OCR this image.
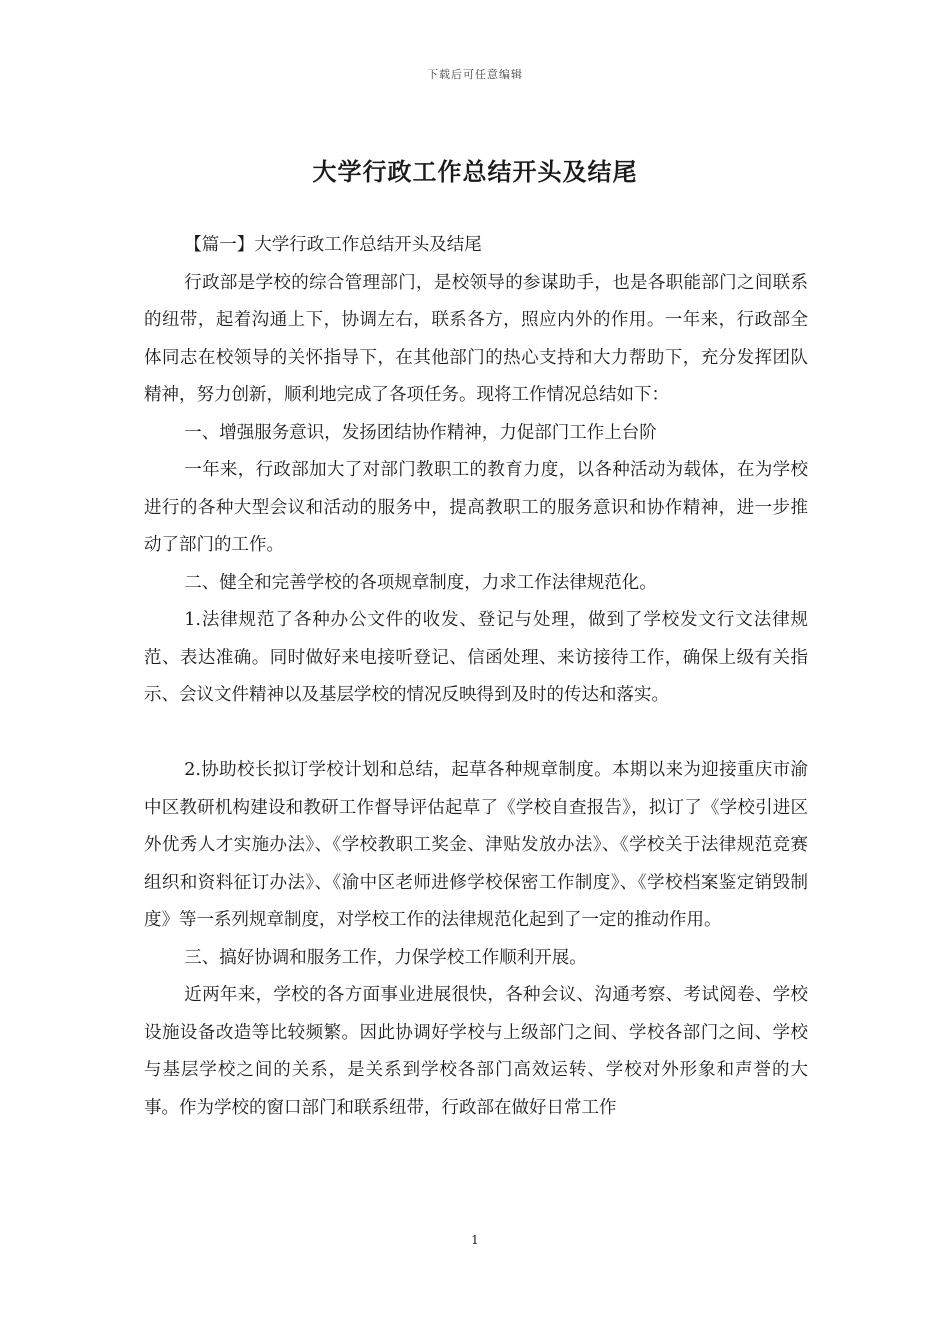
下载后可任意编辑
大学行政工作总结开头及结尾

【篇一】大学行政工作总结开头及结尾

行政部是学校的综合管理部门，是校领导的参谋助手，也是各职能部门之间联系的纽带，起着沟通上下，协调左右，联系各方，照应内外的作用。一年来，行政部全体同志在校领导的关怀指导下，在其他部门的热心支持和大力帮助下，充分发挥团队精神，努力创新，顺利地完成了各项任务。现将工作情况总结如下：

一、增强服务意识，发扬团结协作精神，力促部门工作上台阶

一年来，行政部加大了对部门教职工的教育力度，以各种活动为载体，在为学校进行的各种大型会议和活动的服务中，提高教职工的服务意识和协作精神，进一步推动了部门的工作。

二、健全和完善学校的各项规章制度，力求工作法律规范化。

1.法律规范了各种办公文件的收发、登记与处理，做到了学校发文行文法律规范、表达准确。同时做好来电接听登记、信函处理、来访接待工作，确保上级有关指示、会议文件精神以及基层学校的情况反映得到及时的传达和落实。

2.协助校长拟订学校计划和总结，起草各种规章制度。本期以来为迎接重庆市渝中区教研机构建设和教研工作督导评估起草了《学校自查报告》，拟订了《学校引进区外优秀人才实施办法》、《学校教职工奖金、津贴发放办法》、《学校关于法律规范竞赛组织和资料征订办法》、《渝中区老师进修学校保密工作制度》、《学校档案鉴定销毁制度》等一系列规章制度，对学校工作的法律规范化起到了一定的推动作用。

三、搞好协调和服务工作，力保学校工作顺利开展。

近两年来，学校的各方面事业进展很快，各种会议、沟通考察、考试阅卷、学校设施设备改造等比较频繁。因此协调好学校与上级部门之间、学校各部门之间、学校与基层学校之间的关系，是关系到学校各部门高效运转、学校对外形象和声誉的大事。作为学校的窗口部门和联系纽带，行政部在做好日常工作

1
